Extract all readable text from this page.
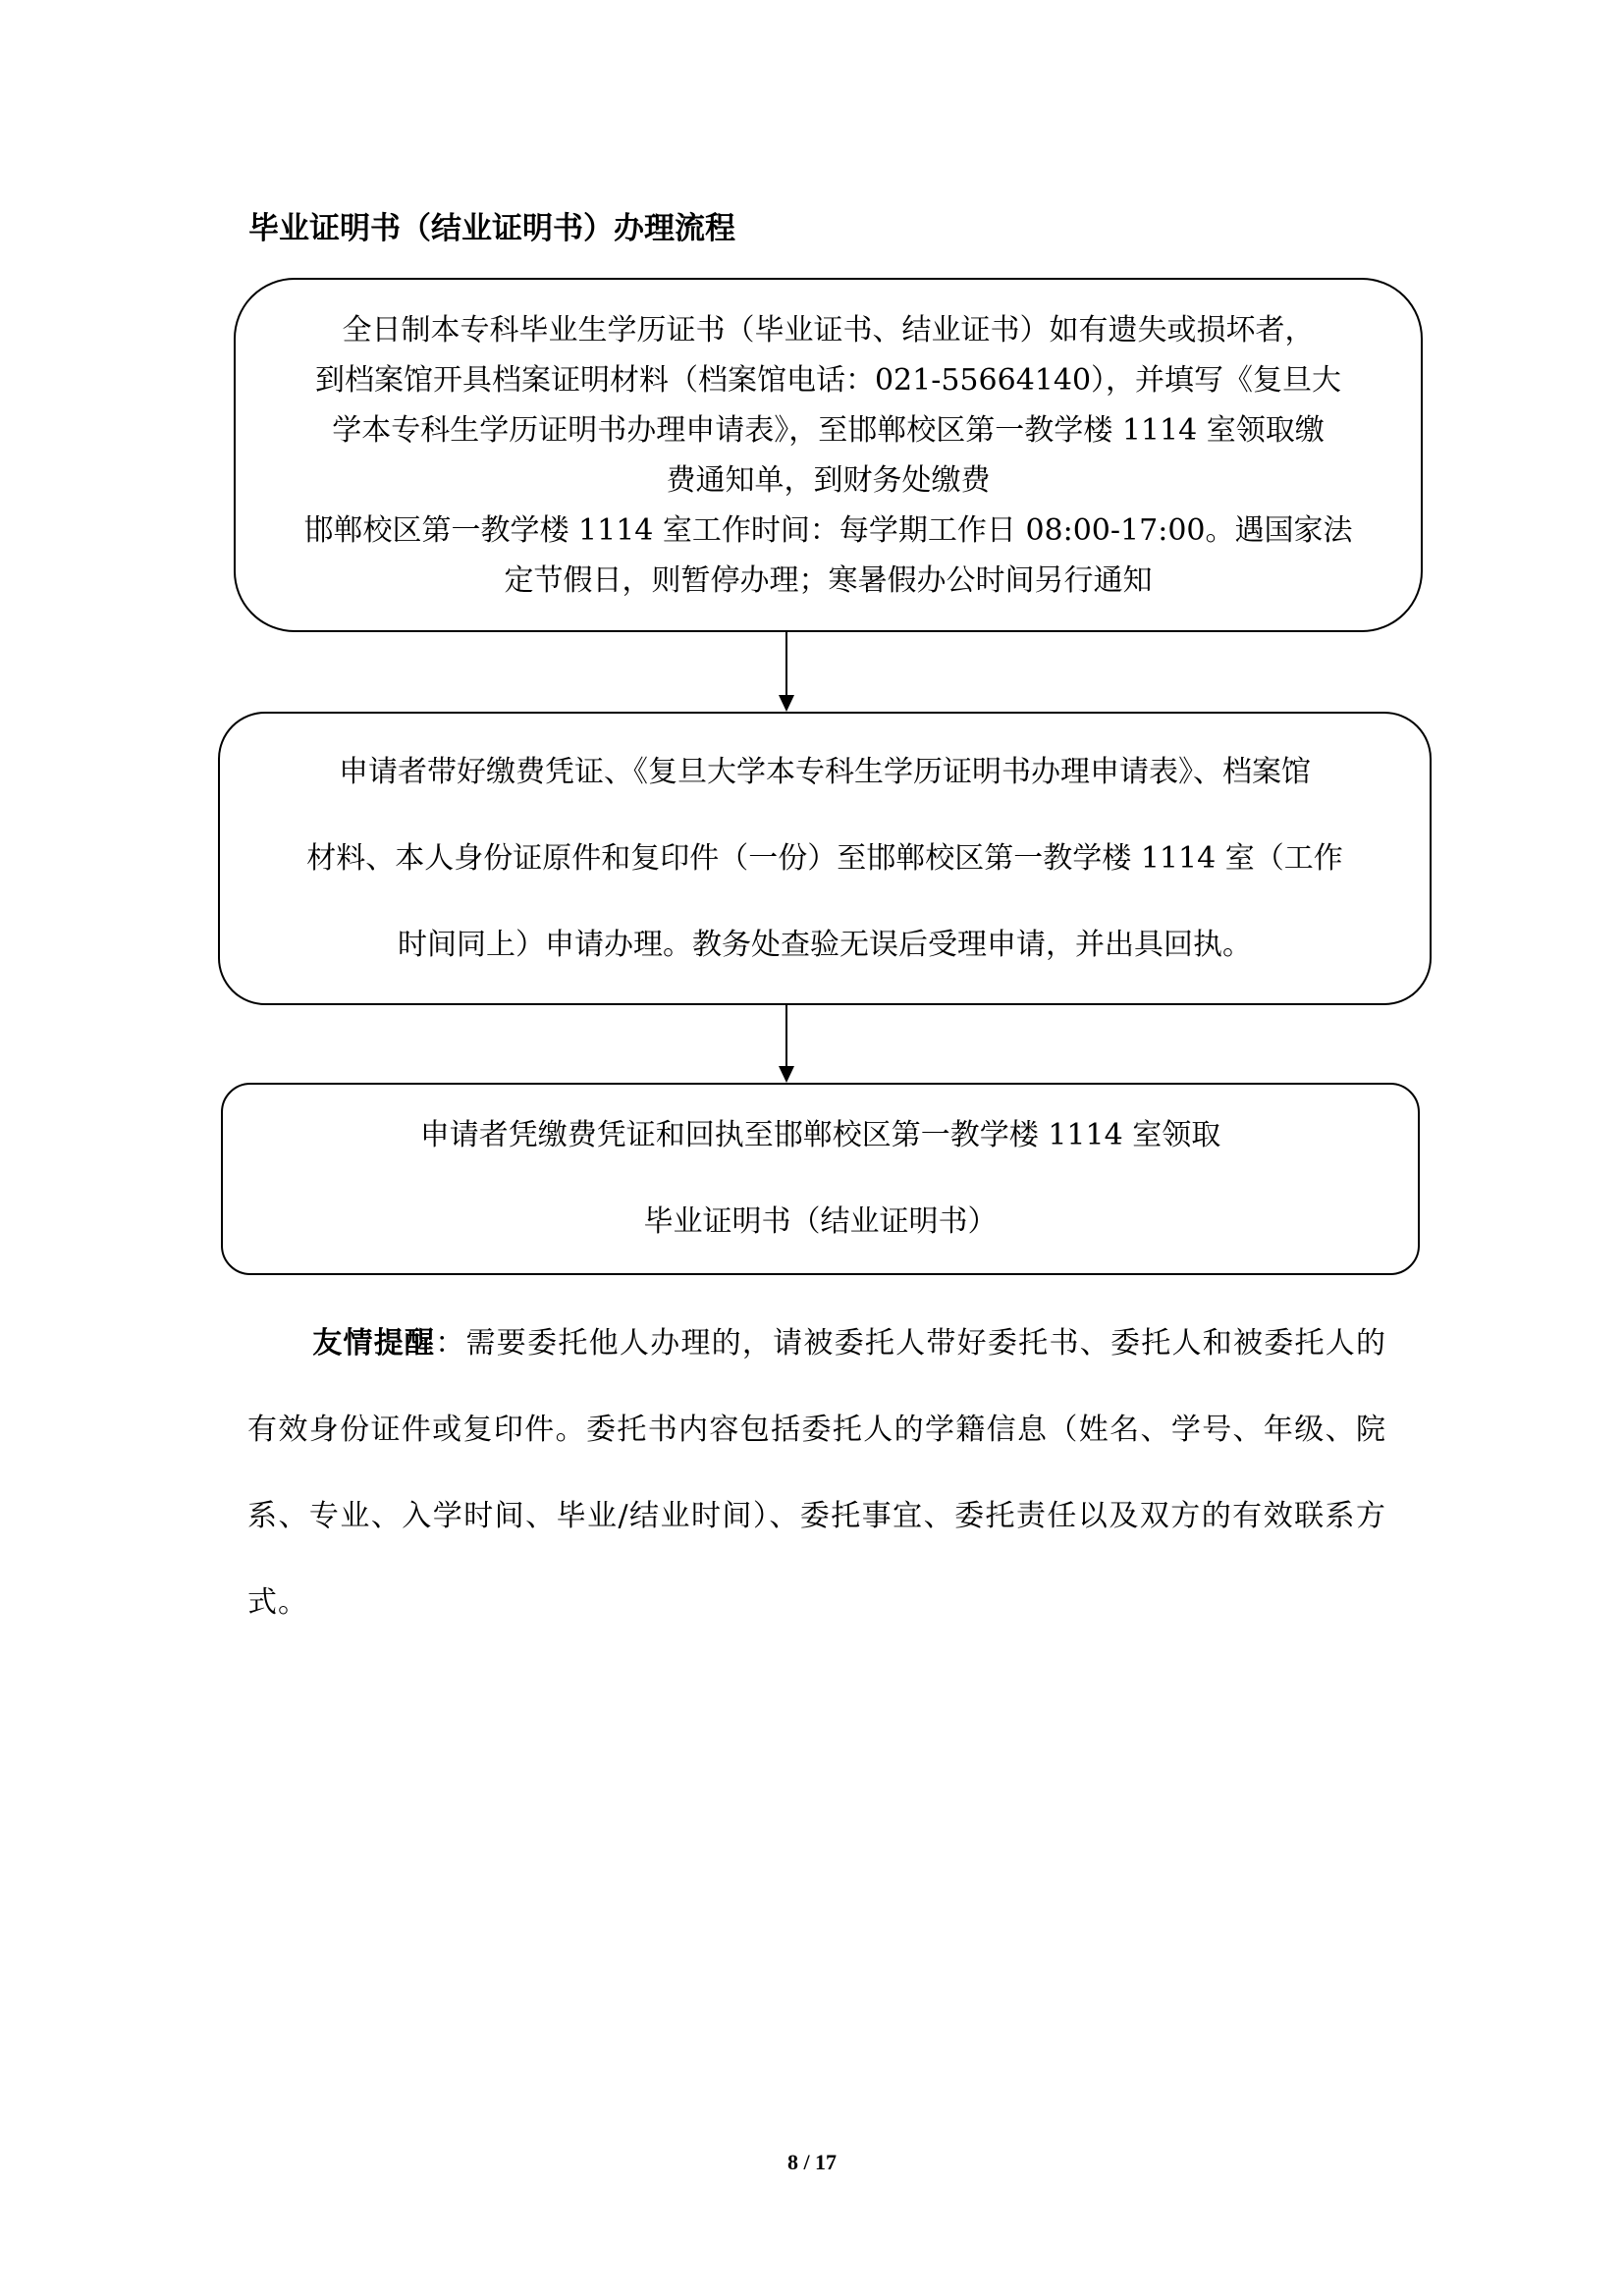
毕业证明书（结业证明书）办理流程
全日制本专科毕业生学历证书（毕业证书、结业证书）如有遗失或损坏者，
到档案馆开具档案证明材料（档案馆电话：021-55664140），并填写《复旦大
学本专科生学历证明书办理申请表》，至邯郸校区第一教学楼 1114 室领取缴
费通知单，到财务处缴费
邯郸校区第一教学楼 1114 室工作时间：每学期工作日 08:00-17:00。遇国家法
定节假日，则暂停办理；寒暑假办公时间另行通知
申请者带好缴费凭证、《复旦大学本专科生学历证明书办理申请表》、档案馆
材料、本人身份证原件和复印件（一份）至邯郸校区第一教学楼 1114 室（工作
时间同上）申请办理。教务处查验无误后受理申请，并出具回执。
申请者凭缴费凭证和回执至邯郸校区第一教学楼 1114 室领取
毕业证明书（结业证明书）
友情提醒：需要委托他人办理的，请被委托人带好委托书、委托人和被委托人的有效身份证件或复印件。委托书内容包括委托人的学籍信息（姓名、学号、年级、院系、专业、入学时间、毕业/结业时间）、委托事宜、委托责任以及双方的有效联系方式。
8 / 17
